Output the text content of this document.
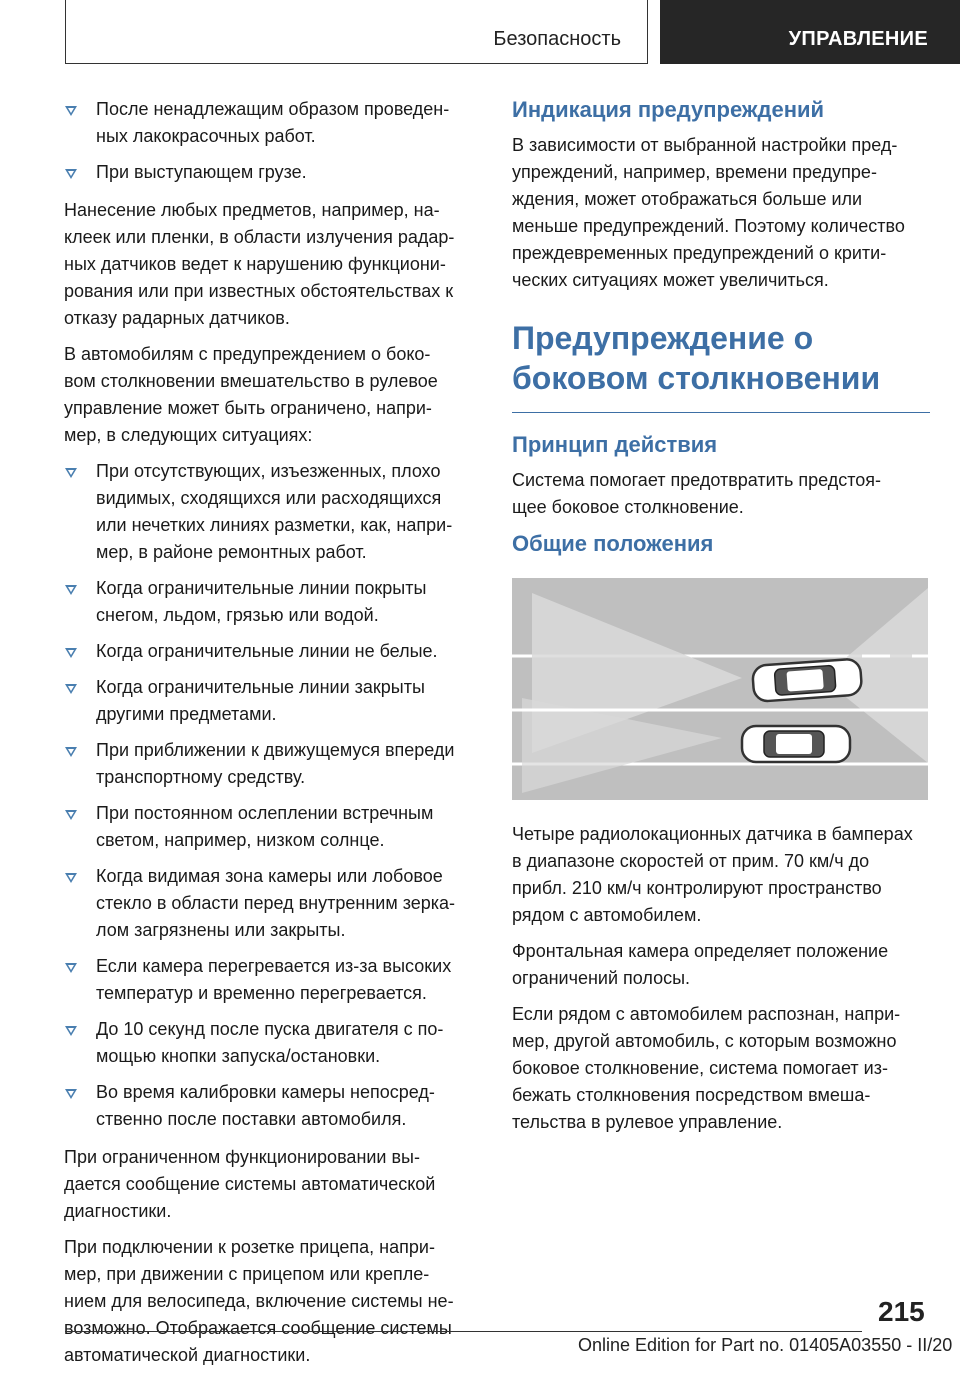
Безопасность	УПРАВЛЕНИЕ
После ненадлежащим образом проведен-
ных лакокрасочных работ.
При выступающем грузе.

Нанесение любых предметов, например, на-
клеек или пленки, в области излучения радар-
ных датчиков ведет к нарушению функциони-
рования или при известных обстоятельствах к
отказу радарных датчиков.

В автомобилям с предупреждением о боко-
вом столкновении вмешательство в рулевое
управление может быть ограничено, напри-
мер, в следующих ситуациях:

При отсутствующих, изъезженных, плохо
видимых, сходящихся или расходящихся
или нечетких линиях разметки, как, напри-
мер, в районе ремонтных работ.
Когда ограничительные линии покрыты
снегом, льдом, грязью или водой.
Когда ограничительные линии не белые.
Когда ограничительные линии закрыты
другими предметами.
При приближении к движущемуся впереди
транспортному средству.
При постоянном ослеплении встречным
светом, например, низком солнце.
Когда видимая зона камеры или лобовое
стекло в области перед внутренним зерка-
лом загрязнены или закрыты.
Если камера перегревается из-за высоких
температур и временно перегревается.
До 10 секунд после пуска двигателя с по-
мощью кнопки запуска/остановки.
Во время калибровки камеры непосред-
ственно после поставки автомобиля.

При ограниченном функционировании вы-
дается сообщение системы автоматической
диагностики.

При подключении к розетке прицепа, напри-
мер, при движении с прицепом или крепле-
нием для велосипеда, включение системы не-
возможно. Отображается сообщение системы
автоматической диагностики.

Индикация предупреждений

В зависимости от выбранной настройки пред-
упреждений, например, времени предупре-
ждения, может отображаться больше или
меньше предупреждений. Поэтому количество
преждевременных предупреждений о крити-
ческих ситуациях может увеличиться.

Предупреждение о
боковом столкновении
Принцип действия

Система помогает предотвратить предстоя-
щее боковое столкновение.

Общие положения

Четыре радиолокационных датчика в бамперах
в диапазоне скоростей от прим. 70 км/ч до
прибл. 210 км/ч контролируют пространство
рядом с автомобилем.

Фронтальная камера определяет положение
ограничений полосы.

Если рядом с автомобилем распознан, напри-
мер, другой автомобиль, с которым возможно
боковое столкновение, система помогает из-
бежать столкновения посредством вмеша-
тельства в рулевое управление.

215
Online Edition for Part no. 01405A03550 - II/20
